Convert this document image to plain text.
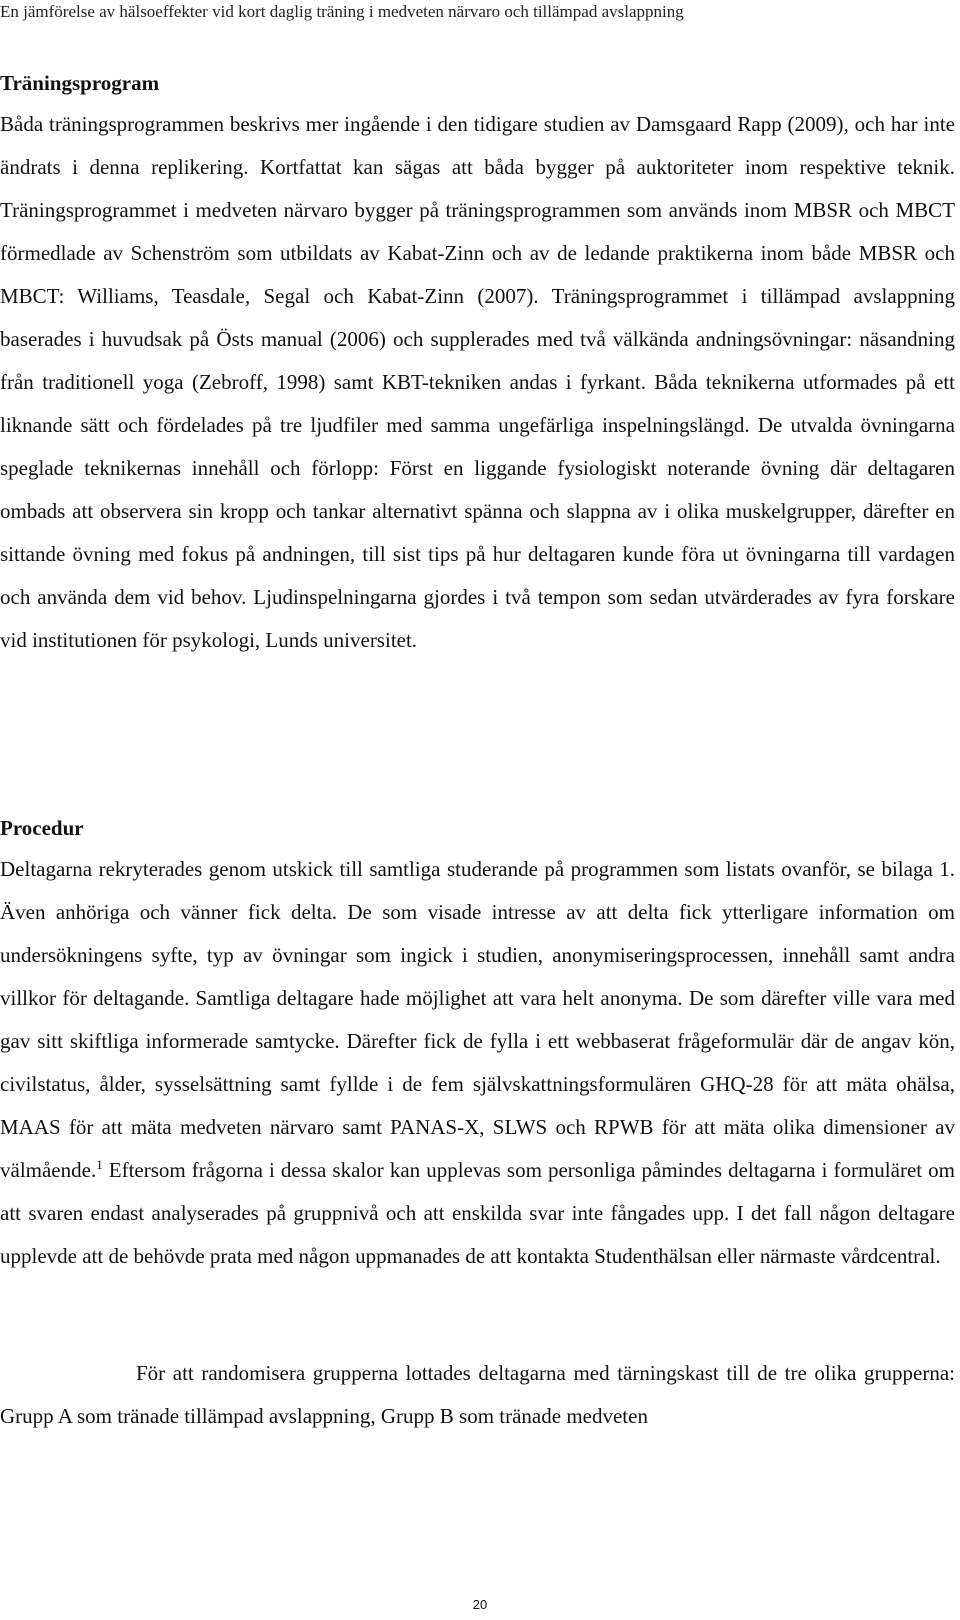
En jämförelse av hälsoeffekter vid kort daglig träning i medveten närvaro och tillämpad avslappning
Träningsprogram

Båda träningsprogrammen beskrivs mer ingående i den tidigare studien av Damsgaard Rapp (2009), och har inte ändrats i denna replikering. Kortfattat kan sägas att båda bygger på auktoriteter inom respektive teknik. Träningsprogrammet i medveten närvaro bygger på träningsprogrammen som används inom MBSR och MBCT förmedlade av Schenström som utbildats av Kabat-Zinn och av de ledande praktikerna inom både MBSR och MBCT: Williams, Teasdale, Segal och Kabat-Zinn (2007). Träningsprogrammet i tillämpad avslappning baserades i huvudsak på Östs manual (2006) och supplerades med två välkända andningsövningar: näsandning från traditionell yoga (Zebroff, 1998) samt KBT-tekniken andas i fyrkant. Båda teknikerna utformades på ett liknande sätt och fördelades på tre ljudfiler med samma ungefärliga inspelningslängd. De utvalda övningarna speglade teknikernas innehåll och förlopp: Först en liggande fysiologiskt noterande övning där deltagaren ombads att observera sin kropp och tankar alternativt spänna och slappna av i olika muskelgrupper, därefter en sittande övning med fokus på andningen, till sist tips på hur deltagaren kunde föra ut övningarna till vardagen och använda dem vid behov. Ljudinspelningarna gjordes i två tempon som sedan utvärderades av fyra forskare vid institutionen för psykologi, Lunds universitet.

Procedur

Deltagarna rekryterades genom utskick till samtliga studerande på programmen som listats ovanför, se bilaga 1. Även anhöriga och vänner fick delta. De som visade intresse av att delta fick ytterligare information om undersökningens syfte, typ av övningar som ingick i studien, anonymiseringsprocessen, innehåll samt andra villkor för deltagande. Samtliga deltagare hade möjlighet att vara helt anonyma. De som därefter ville vara med gav sitt skiftliga informerade samtycke. Därefter fick de fylla i ett webbaserat frågeformulär där de angav kön, civilstatus, ålder, sysselsättning samt fyllde i de fem självskattningsformulären GHQ-28 för att mäta ohälsa, MAAS för att mäta medveten närvaro samt PANAS-X, SLWS och RPWB för att mäta olika dimensioner av välmående.$^1$ Eftersom frågorna i dessa skalor kan upplevas som personliga påmindes deltagarna i formuläret om att svaren endast analyserades på gruppnivå och att enskilda svar inte fångades upp. I det fall någon deltagare upplevde att de behövde prata med någon uppmanades de att kontakta Studenthälsan eller närmaste vårdcentral.

För att randomisera grupperna lottades deltagarna med tärningskast till de tre olika grupperna: Grupp A som tränade tillämpad avslappning, Grupp B som tränade medveten

20
